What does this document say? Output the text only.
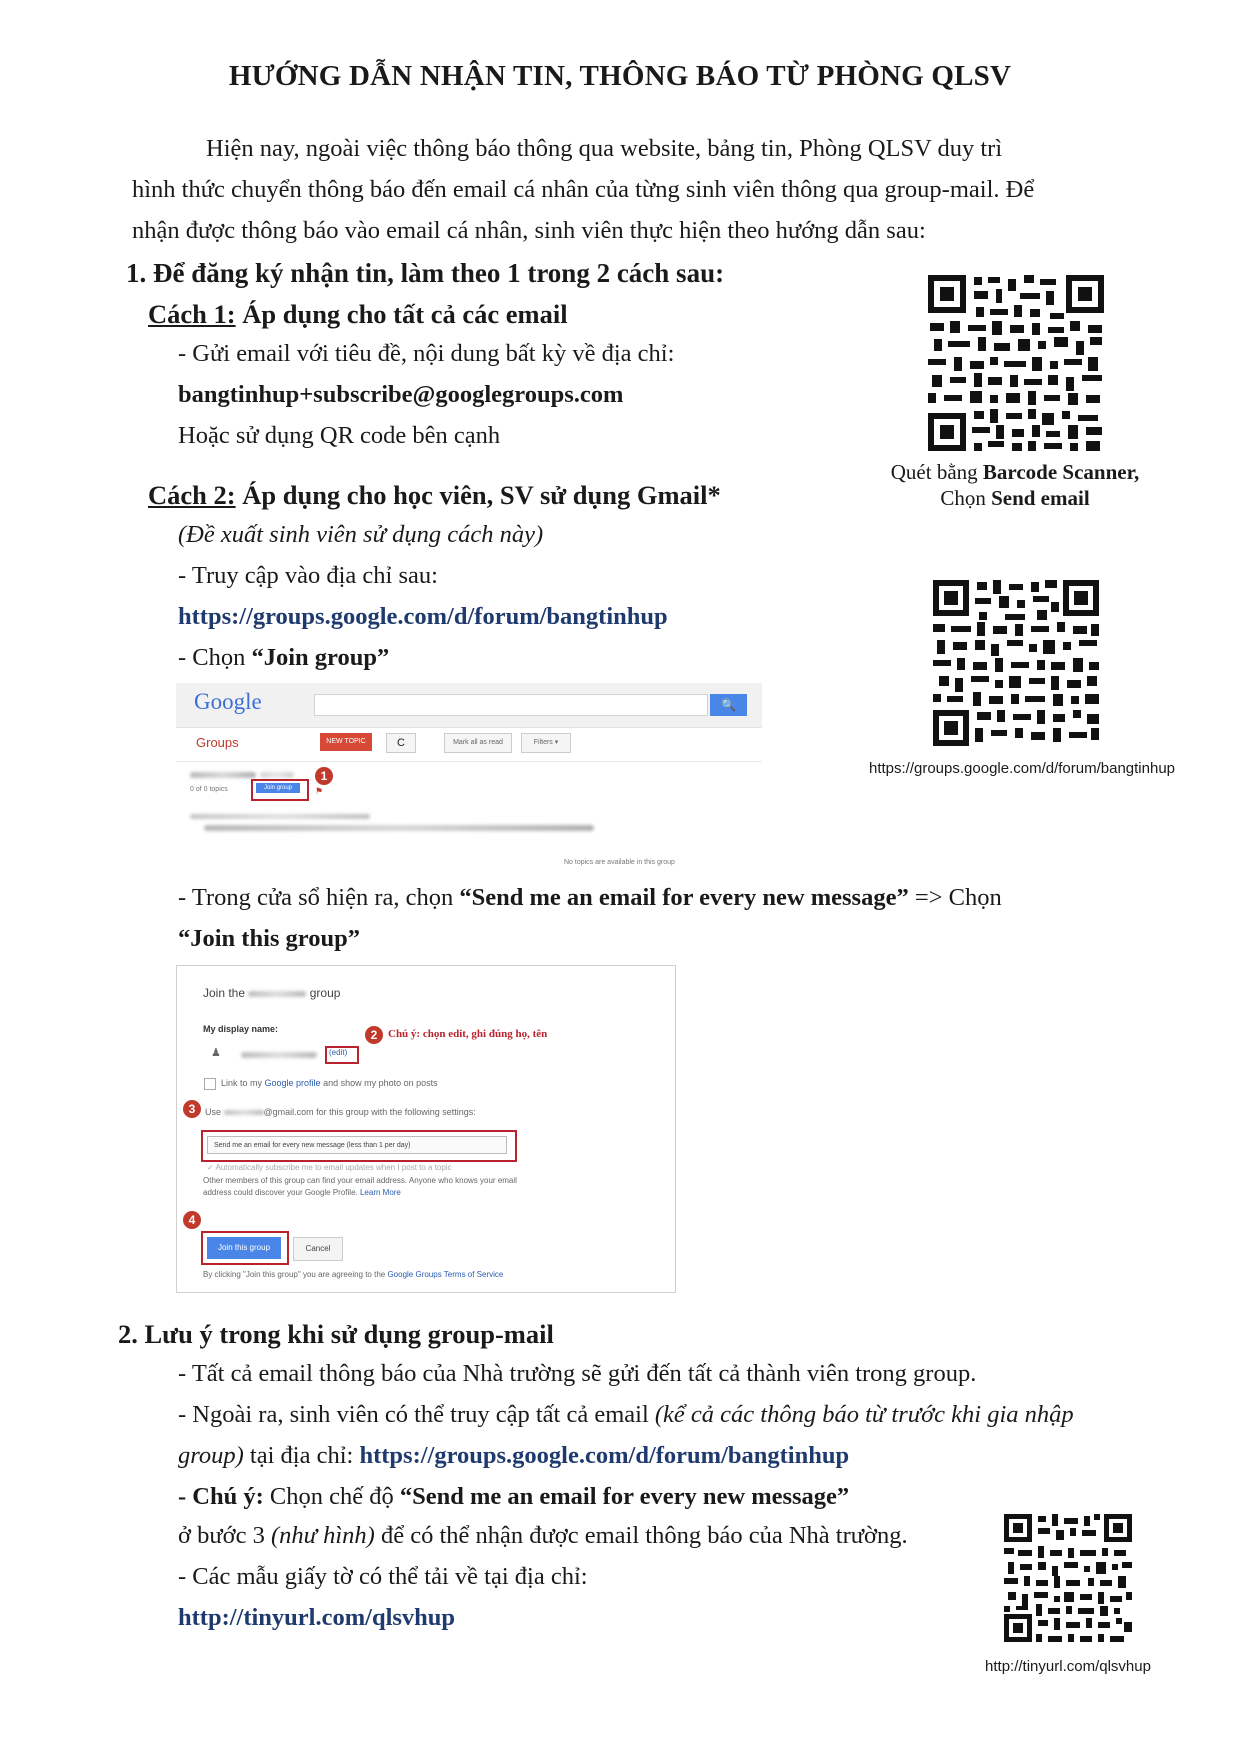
HƯỚNG DẪN NHẬN TIN, THÔNG BÁO TỪ PHÒNG QLSV
Hiện nay, ngoài việc thông báo thông qua website, bảng tin, Phòng QLSV duy trì
hình thức chuyển thông báo đến email cá nhân của từng sinh viên thông qua group-mail. Để
nhận được thông báo vào email cá nhân, sinh viên thực hiện theo hướng dẫn sau:
1. Để đăng ký nhận tin, làm theo 1 trong 2 cách sau:
Cách 1: Áp dụng cho tất cả các email
- Gửi email với tiêu đề, nội dung bất kỳ về địa chỉ:
bangtinhup+subscribe@googlegroups.com
Hoặc sử dụng QR code bên cạnh
Quét bằng Barcode Scanner,
Chọn Send email
Cách 2: Áp dụng cho học viên, SV sử dụng Gmail*
(Đề xuất sinh viên sử dụng cách này)
- Truy cập vào địa chỉ sau:
https://groups.google.com/d/forum/bangtinhup
- Chọn “Join group”
https://groups.google.com/d/forum/bangtinhup
Google	🔍
Groups	NEW TOPIC	C	Mark all as read	Filters ▾
0 of 0 topics	Join group
1
⚑
No topics are available in this group
- Trong cửa sổ hiện ra, chọn “Send me an email for every new message” => Chọn
“Join this group”
Join the	group
My display name:
♟	(edit)
2 Chú ý: chọn edit, ghi đúng họ, tên
Link to my Google profile and show my photo on posts
3	Use	@gmail.com for this group with the following settings:
Send me an email for every new message (less than 1 per day)
✓ Automatically subscribe me to email updates when I post to a topic
Other members of this group can find your email address. Anyone who knows your email
address could discover your Google Profile. Learn More
4
Join this group	Cancel
By clicking "Join this group" you are agreeing to the Google Groups Terms of Service
2. Lưu ý trong khi sử dụng group-mail
- Tất cả email thông báo của Nhà trường sẽ gửi đến tất cả thành viên trong group.
- Ngoài ra, sinh viên có thể truy cập tất cả email (kể cả các thông báo từ trước khi gia nhập
group) tại địa chỉ: https://groups.google.com/d/forum/bangtinhup
- Chú ý: Chọn chế độ “Send me an email for every new message”
ở bước 3 (như hình) để có thể nhận được email thông báo của Nhà trường.
- Các mẫu giấy tờ có thể tải về tại địa chỉ:
http://tinyurl.com/qlsvhup
http://tinyurl.com/qlsvhup
